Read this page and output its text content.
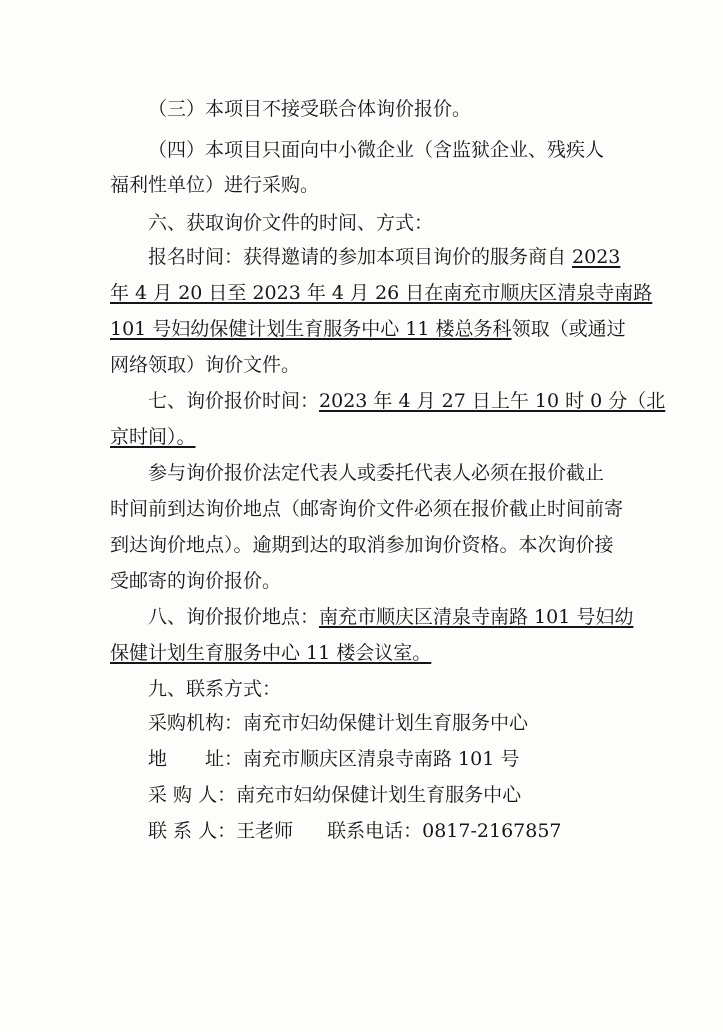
（三）本项目不接受联合体询价报价。
（四）本项目只面向中小微企业（含监狱企业、残疾人
福利性单位）进行采购。
六、获取询价文件的时间、方式：
报名时间：获得邀请的参加本项目询价的服务商自 2023
年 4 月 20 日至 2023 年 4 月 26 日在南充市顺庆区清泉寺南路
101 号妇幼保健计划生育服务中心 11 楼总务科领取（或通过
网络领取）询价文件。
七、询价报价时间：2023 年 4 月 27 日上午 10 时 0 分（北
京时间）。
参与询价报价法定代表人或委托代表人必须在报价截止
时间前到达询价地点（邮寄询价文件必须在报价截止时间前寄
到达询价地点）。逾期到达的取消参加询价资格。本次询价接
受邮寄的询价报价。
八、询价报价地点：南充市顺庆区清泉寺南路 101 号妇幼
保健计划生育服务中心 11 楼会议室。
九、联系方式：
采购机构：南充市妇幼保健计划生育服务中心
地　　址：南充市顺庆区清泉寺南路 101 号
采 购 人：南充市妇幼保健计划生育服务中心
联 系 人：王老师 联系电话：0817-2167857
